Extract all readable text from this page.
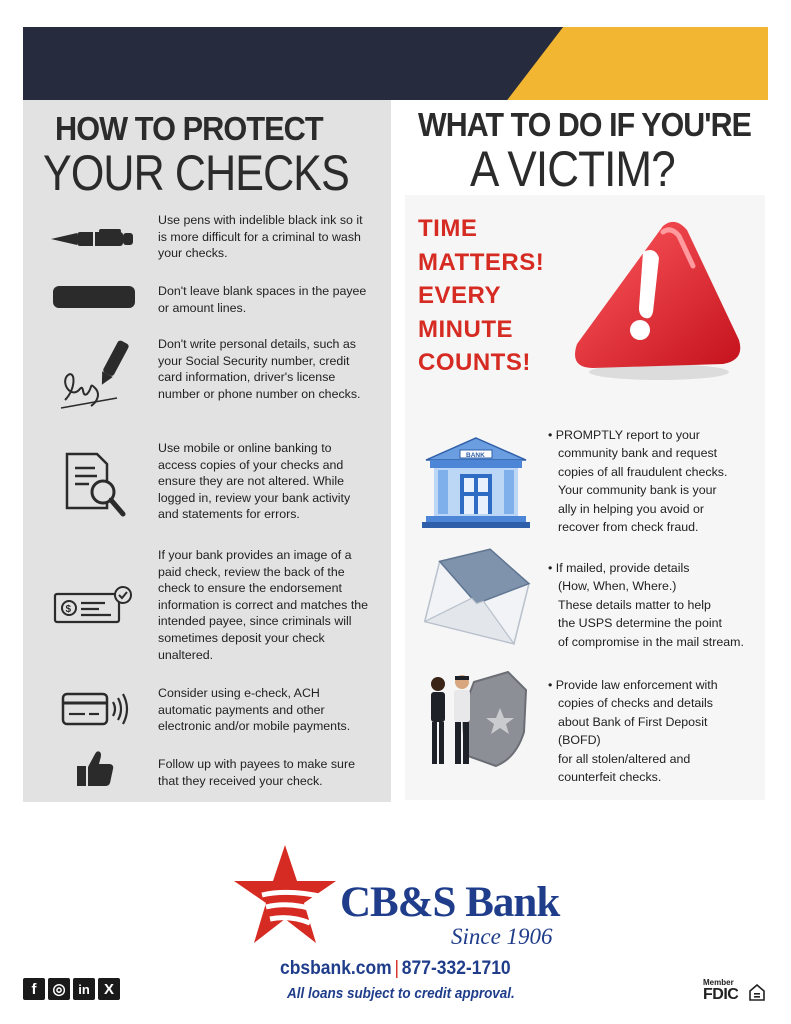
HOW TO PROTECT
YOUR CHECKS
Use pens with indelible black ink so it is more difficult for a criminal to wash your checks.
Don't leave blank spaces in the payee or amount lines.
Don't write personal details, such as your Social Security number, credit card information, driver's license number or phone number on checks.
Use mobile or online banking to access copies of your checks and ensure they are not altered. While logged in, review your bank activity and statements for errors.
$
If your bank provides an image of a paid check, review the back of the check to ensure the endorsement information is correct and matches the intended payee, since criminals will sometimes deposit your check unaltered.
Consider using e-check, ACH automatic payments and other electronic and/or mobile payments.
Follow up with payees to make sure that they received your check.
WHAT TO DO IF YOU'RE
A VICTIM?
TIME
MATTERS!
EVERY
MINUTE
COUNTS!
BANK
• PROMPTLY report to your
community bank and request
copies of all fraudulent checks.
Your community bank is your
ally in helping you avoid or
recover from check fraud.
• If mailed, provide details
(How, When, Where.)
These details matter to help
the USPS determine the point
of compromise in the mail stream.
• Provide law enforcement with
copies of checks and details
about Bank of First Deposit (BOFD)
for all stolen/altered and
counterfeit checks.
CB&S Bank
Since 1906
cbsbank.com | 877-332-1710
All loans subject to credit approval.
f	◎ in X	Member
FDIC
